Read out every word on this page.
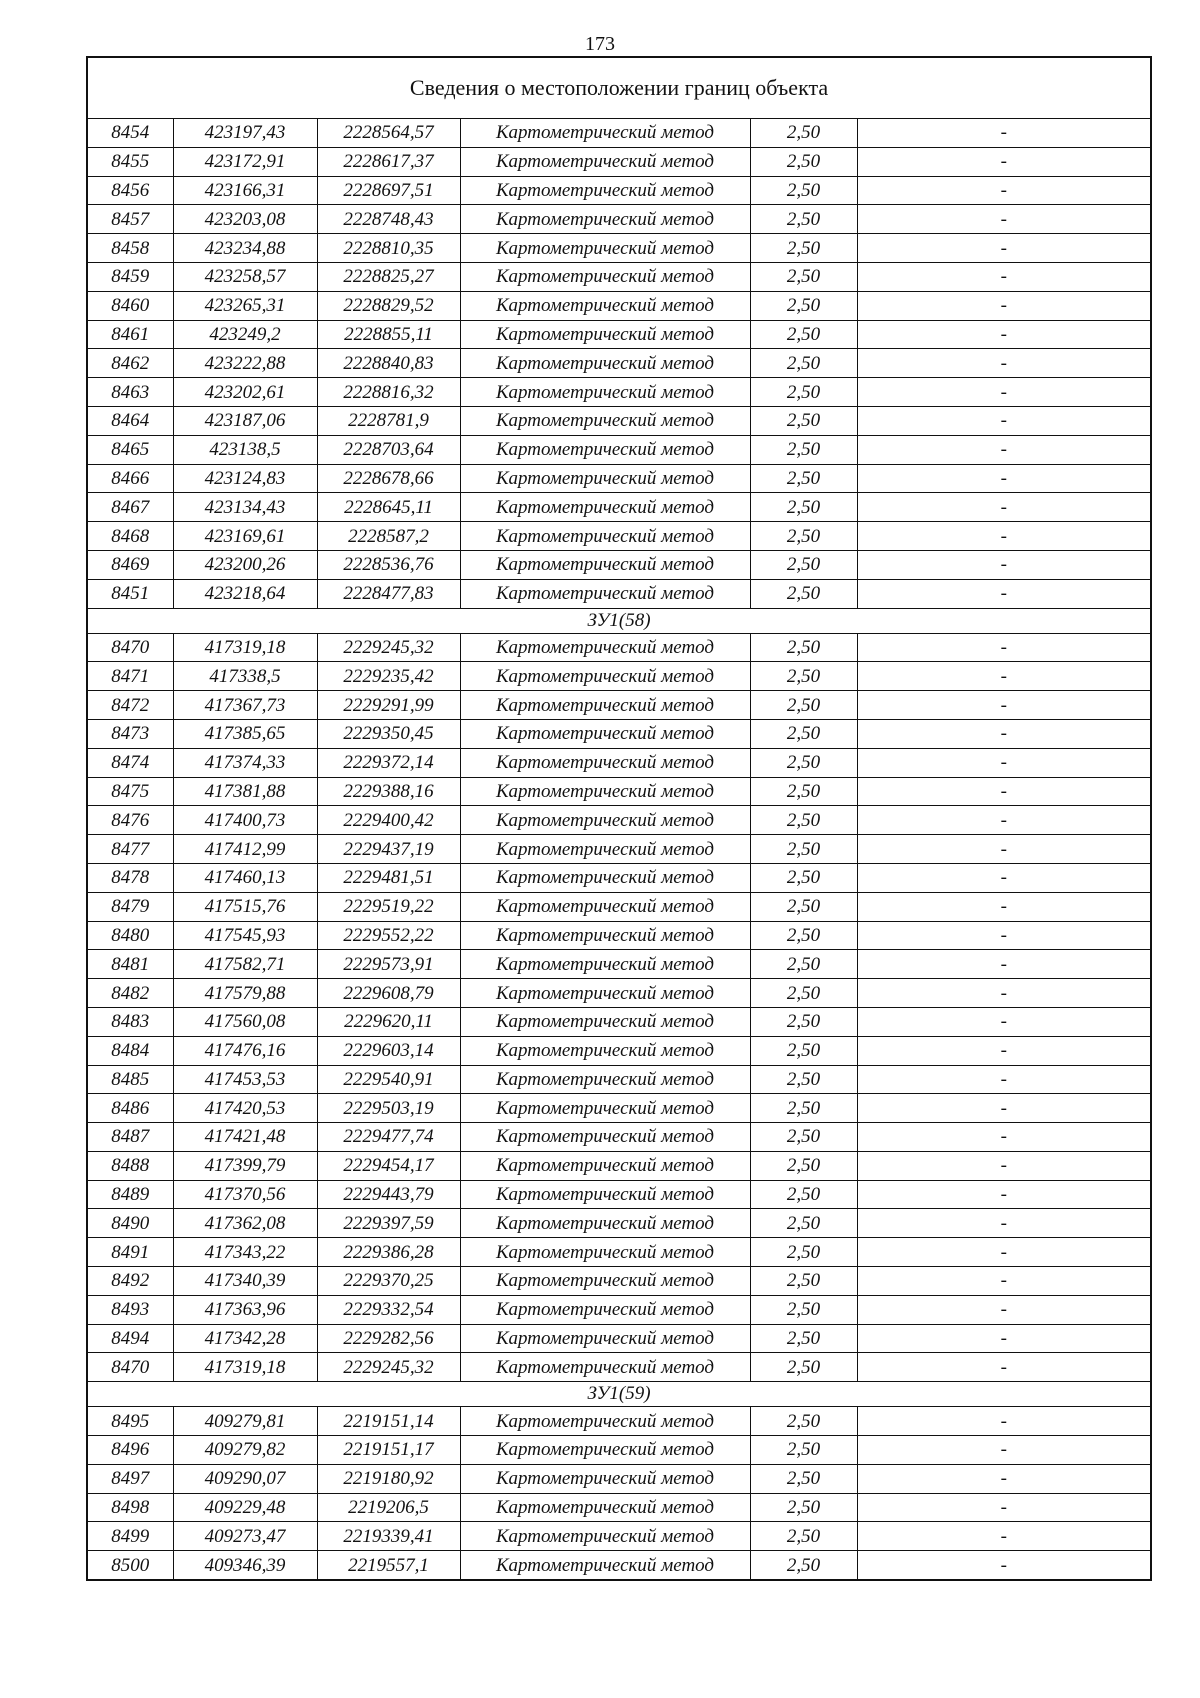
173
Сведения о местоположении границ объекта					
8454	423197,43	2228564,57	Картометрический метод	2,50	-
8455	423172,91	2228617,37	Картометрический метод	2,50	-
8456	423166,31	2228697,51	Картометрический метод	2,50	-
8457	423203,08	2228748,43	Картометрический метод	2,50	-
8458	423234,88	2228810,35	Картометрический метод	2,50	-
8459	423258,57	2228825,27	Картометрический метод	2,50	-
8460	423265,31	2228829,52	Картометрический метод	2,50	-
8461	423249,2	2228855,11	Картометрический метод	2,50	-
8462	423222,88	2228840,83	Картометрический метод	2,50	-
8463	423202,61	2228816,32	Картометрический метод	2,50	-
8464	423187,06	2228781,9	Картометрический метод	2,50	-
8465	423138,5	2228703,64	Картометрический метод	2,50	-
8466	423124,83	2228678,66	Картометрический метод	2,50	-
8467	423134,43	2228645,11	Картометрический метод	2,50	-
8468	423169,61	2228587,2	Картометрический метод	2,50	-
8469	423200,26	2228536,76	Картометрический метод	2,50	-
8451	423218,64	2228477,83	Картометрический метод	2,50	-
ЗУ1(58)					
8470	417319,18	2229245,32	Картометрический метод	2,50	-
8471	417338,5	2229235,42	Картометрический метод	2,50	-
8472	417367,73	2229291,99	Картометрический метод	2,50	-
8473	417385,65	2229350,45	Картометрический метод	2,50	-
8474	417374,33	2229372,14	Картометрический метод	2,50	-
8475	417381,88	2229388,16	Картометрический метод	2,50	-
8476	417400,73	2229400,42	Картометрический метод	2,50	-
8477	417412,99	2229437,19	Картометрический метод	2,50	-
8478	417460,13	2229481,51	Картометрический метод	2,50	-
8479	417515,76	2229519,22	Картометрический метод	2,50	-
8480	417545,93	2229552,22	Картометрический метод	2,50	-
8481	417582,71	2229573,91	Картометрический метод	2,50	-
8482	417579,88	2229608,79	Картометрический метод	2,50	-
8483	417560,08	2229620,11	Картометрический метод	2,50	-
8484	417476,16	2229603,14	Картометрический метод	2,50	-
8485	417453,53	2229540,91	Картометрический метод	2,50	-
8486	417420,53	2229503,19	Картометрический метод	2,50	-
8487	417421,48	2229477,74	Картометрический метод	2,50	-
8488	417399,79	2229454,17	Картометрический метод	2,50	-
8489	417370,56	2229443,79	Картометрический метод	2,50	-
8490	417362,08	2229397,59	Картометрический метод	2,50	-
8491	417343,22	2229386,28	Картометрический метод	2,50	-
8492	417340,39	2229370,25	Картометрический метод	2,50	-
8493	417363,96	2229332,54	Картометрический метод	2,50	-
8494	417342,28	2229282,56	Картометрический метод	2,50	-
8470	417319,18	2229245,32	Картометрический метод	2,50	-
ЗУ1(59)					
8495	409279,81	2219151,14	Картометрический метод	2,50	-
8496	409279,82	2219151,17	Картометрический метод	2,50	-
8497	409290,07	2219180,92	Картометрический метод	2,50	-
8498	409229,48	2219206,5	Картометрический метод	2,50	-
8499	409273,47	2219339,41	Картометрический метод	2,50	-
8500	409346,39	2219557,1	Картометрический метод	2,50	-
